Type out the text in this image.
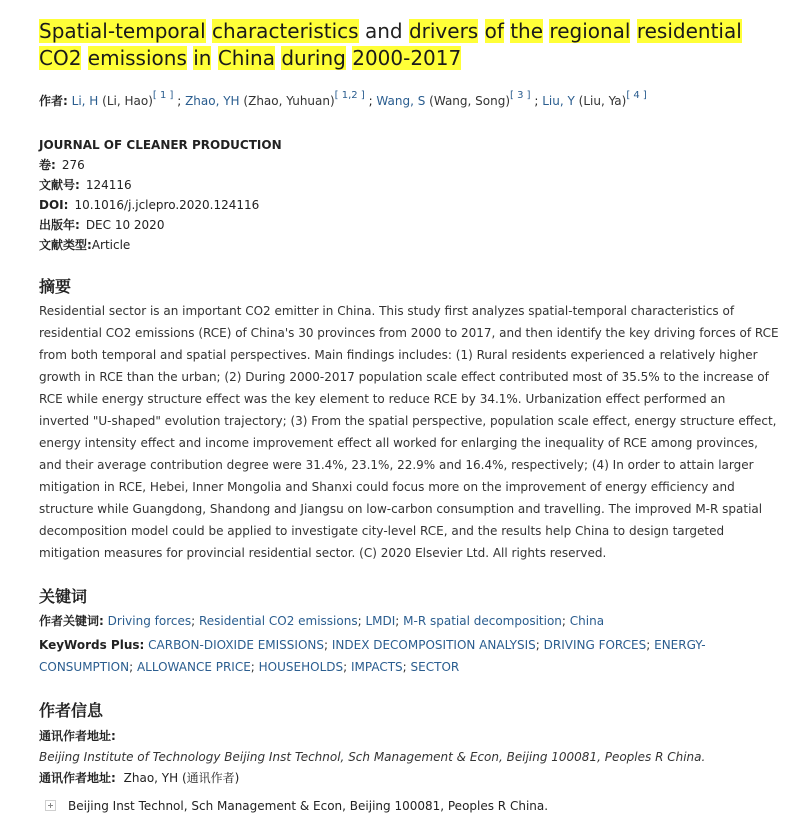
Spatial-temporal characteristics and drivers of the regional residential CO2 emissions in China during 2000-2017
作者: Li, H (Li, Hao)[ 1 ] ; Zhao, YH (Zhao, Yuhuan)[ 1,2 ] ; Wang, S (Wang, Song)[ 3 ] ; Liu, Y (Liu, Ya)[ 4 ]
JOURNAL OF CLEANER PRODUCTION
卷: 276
文献号: 124116
DOI: 10.1016/j.jclepro.2020.124116
出版年: DEC 10 2020
文献类型:Article
摘要
Residential sector is an important CO2 emitter in China. This study first analyzes spatial-temporal characteristics of residential CO2 emissions (RCE) of China's 30 provinces from 2000 to 2017, and then identify the key driving forces of RCE from both temporal and spatial perspectives. Main findings includes: (1) Rural residents experienced a relatively higher growth in RCE than the urban; (2) During 2000-2017 population scale effect contributed most of 35.5% to the increase of RCE while energy structure effect was the key element to reduce RCE by 34.1%. Urbanization effect performed an inverted "U-shaped" evolution trajectory; (3) From the spatial perspective, population scale effect, energy structure effect, energy intensity effect and income improvement effect all worked for enlarging the inequality of RCE among provinces, and their average contribution degree were 31.4%, 23.1%, 22.9% and 16.4%, respectively; (4) In order to attain larger mitigation in RCE, Hebei, Inner Mongolia and Shanxi could focus more on the improvement of energy efficiency and structure while Guangdong, Shandong and Jiangsu on low-carbon consumption and travelling. The improved M-R spatial decomposition model could be applied to investigate city-level RCE, and the results help China to design targeted mitigation measures for provincial residential sector. (C) 2020 Elsevier Ltd. All rights reserved.
关键词
作者关键词: Driving forces; Residential CO2 emissions; LMDI; M-R spatial decomposition; China
KeyWords Plus: CARBON-DIOXIDE EMISSIONS; INDEX DECOMPOSITION ANALYSIS; DRIVING FORCES; ENERGY-CONSUMPTION; ALLOWANCE PRICE; HOUSEHOLDS; IMPACTS; SECTOR
作者信息
通讯作者地址:
Beijing Institute of Technology Beijing Inst Technol, Sch Management & Econ, Beijing 100081, Peoples R China.
通讯作者地址: Zhao, YH (通讯作者)
Beijing Inst Technol, Sch Management & Econ, Beijing 100081, Peoples R China.
